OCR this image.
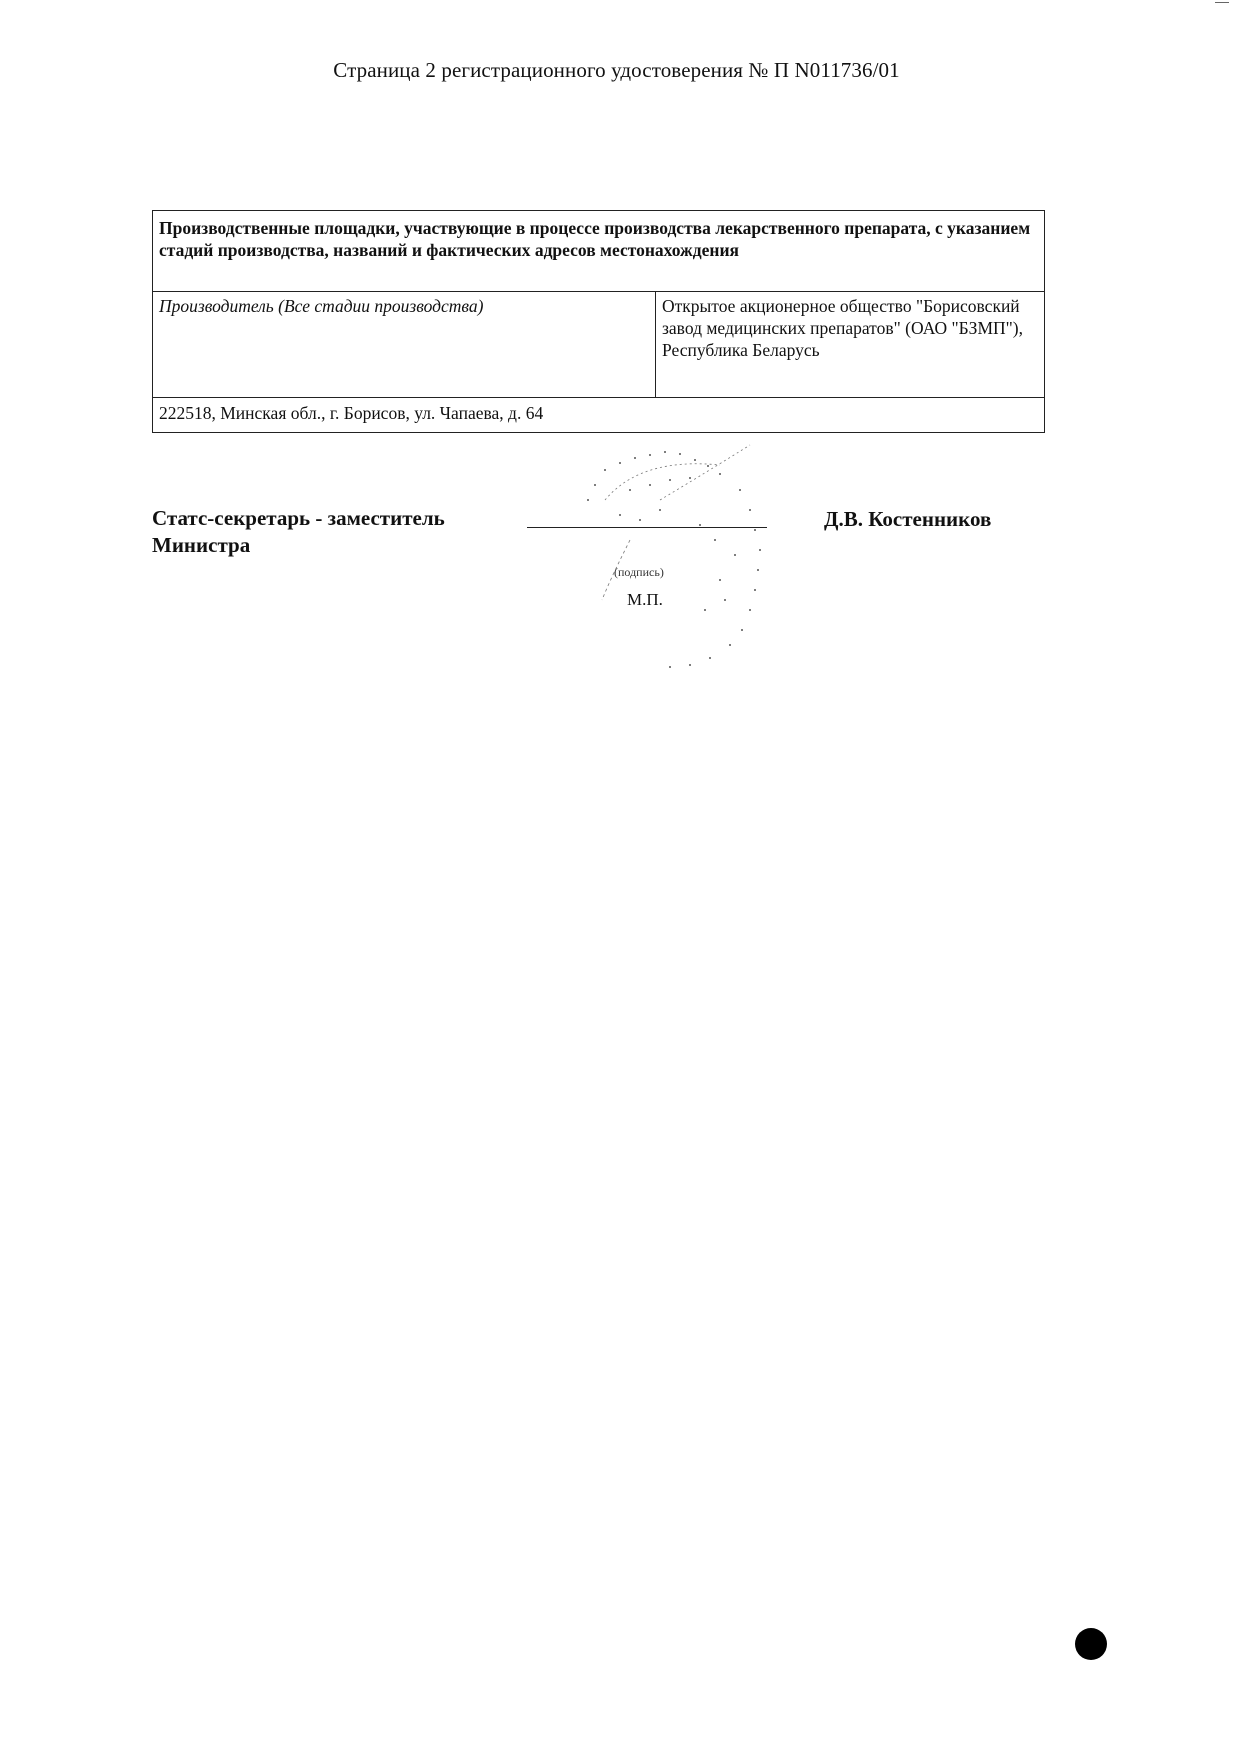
Страница 2 регистрационного удостоверения № П N011736/01
Производственные площадки, участвующие в процессе производства лекарственного препарата, с указанием стадий производства, названий и фактических адресов местонахождения
Производитель (Все стадии производства)	Открытое акционерное общество "Борисовский завод медицинских препаратов" (ОАО "БЗМП"), Республика Беларусь
222518, Минская обл., г. Борисов, ул. Чапаева, д. 64
Статс-секретарь - заместитель Министра
Д.В. Костенников
(подпись)
М.П.
